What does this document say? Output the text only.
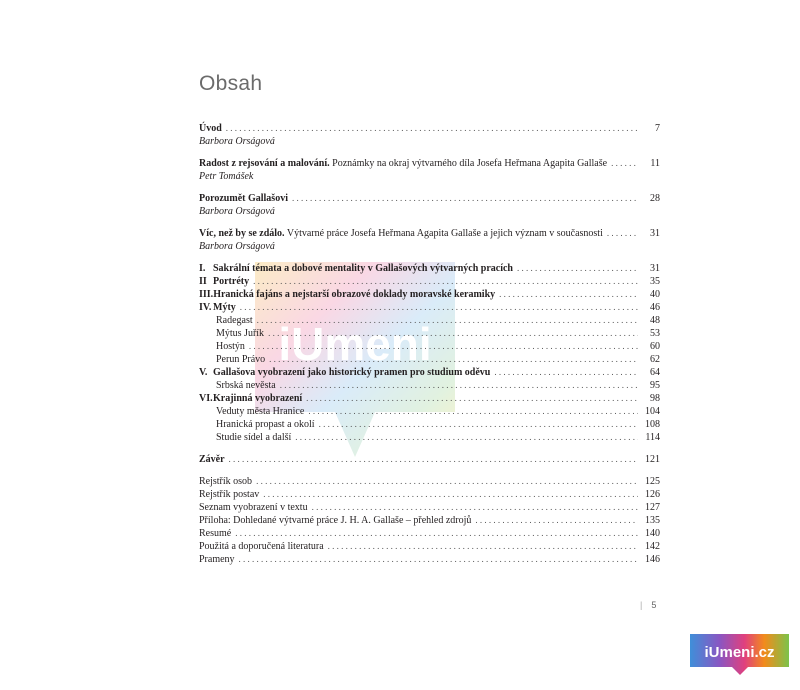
Obsah
iUmeni
Úvod . . .	7
Barbora Orságová
Radost z rejsování a malování. Poznámky na okraj výtvarného díla Josefa Heřmana Agapita Gallaše . . .	11
Petr Tomášek
Porozumět Gallašovi . . .	28
Barbora Orságová
Víc, než by se zdálo. Výtvarné práce Josefa Heřmana Agapita Gallaše a jejich význam v současnosti . . .	31
Barbora Orságová
I. Sakrální témata a dobové mentality v Gallašových výtvarných pracích . . .	31
II Portréty . . .	35
III.Hranická fajáns a nejstarší obrazové doklady moravské keramiky . . .	40
IV. Mýty . . .	46
Radegast . . .	48
Mýtus Juřík . . .	53
Hostýn . . .	60
Perun Právo . . .	62
V. Gallašova vyobrazení jako historický pramen pro studium oděvu . . .	64
Srbská nevěsta . . .	95
VI.Krajinná vyobrazení . . .	98
Veduty města Hranice . . .	104
Hranická propast a okolí . . .	108
Studie sídel a další . . .	114
Závěr . . .	121
Rejstřík osob . . .	125
Rejstřík postav . . .	126
Seznam vyobrazení v textu . . .	127
Příloha: Dohledané výtvarné práce J. H. A. Gallaše – přehled zdrojů . . .	135
Resumé . . .	140
Použitá a doporučená literatura . . .	142
Prameny . . .	146
| 5
iUmeni.cz
